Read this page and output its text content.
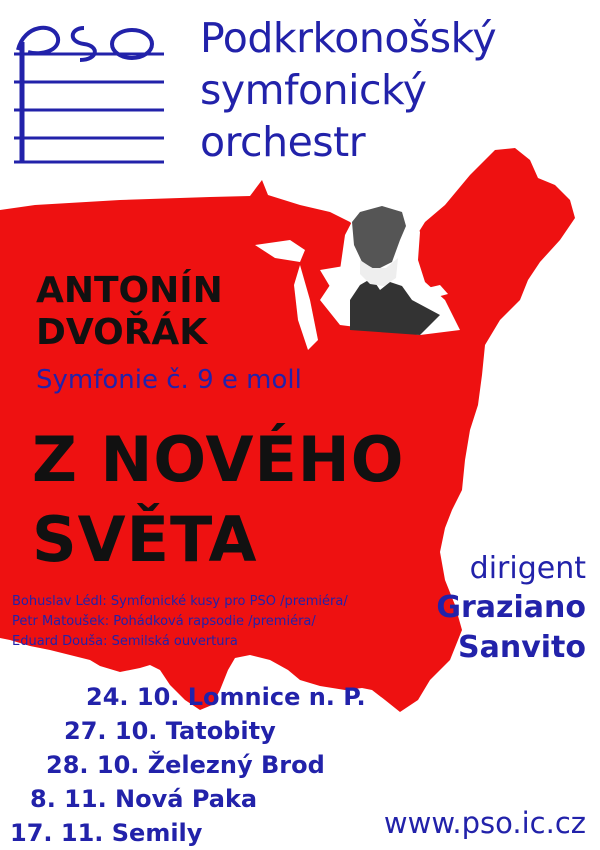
Podkrkonošský
symfonický
orchestr
ANTONÍN
DVOŘÁK
Symfonie č. 9 e moll
Z NOVÉHO
SVĚTA
Bohuslav Lédl: Symfonické kusy pro PSO /premiéra/
Petr Matoušek: Pohádková rapsodie /premiéra/
Eduard Douša: Semilská ouvertura
dirigent
Graziano
Sanvito
24. 10. Lomnice n. P.
27. 10. Tatobity
28. 10. Železný Brod
8. 11. Nová Paka
17. 11. Semily	www.pso.ic.cz
